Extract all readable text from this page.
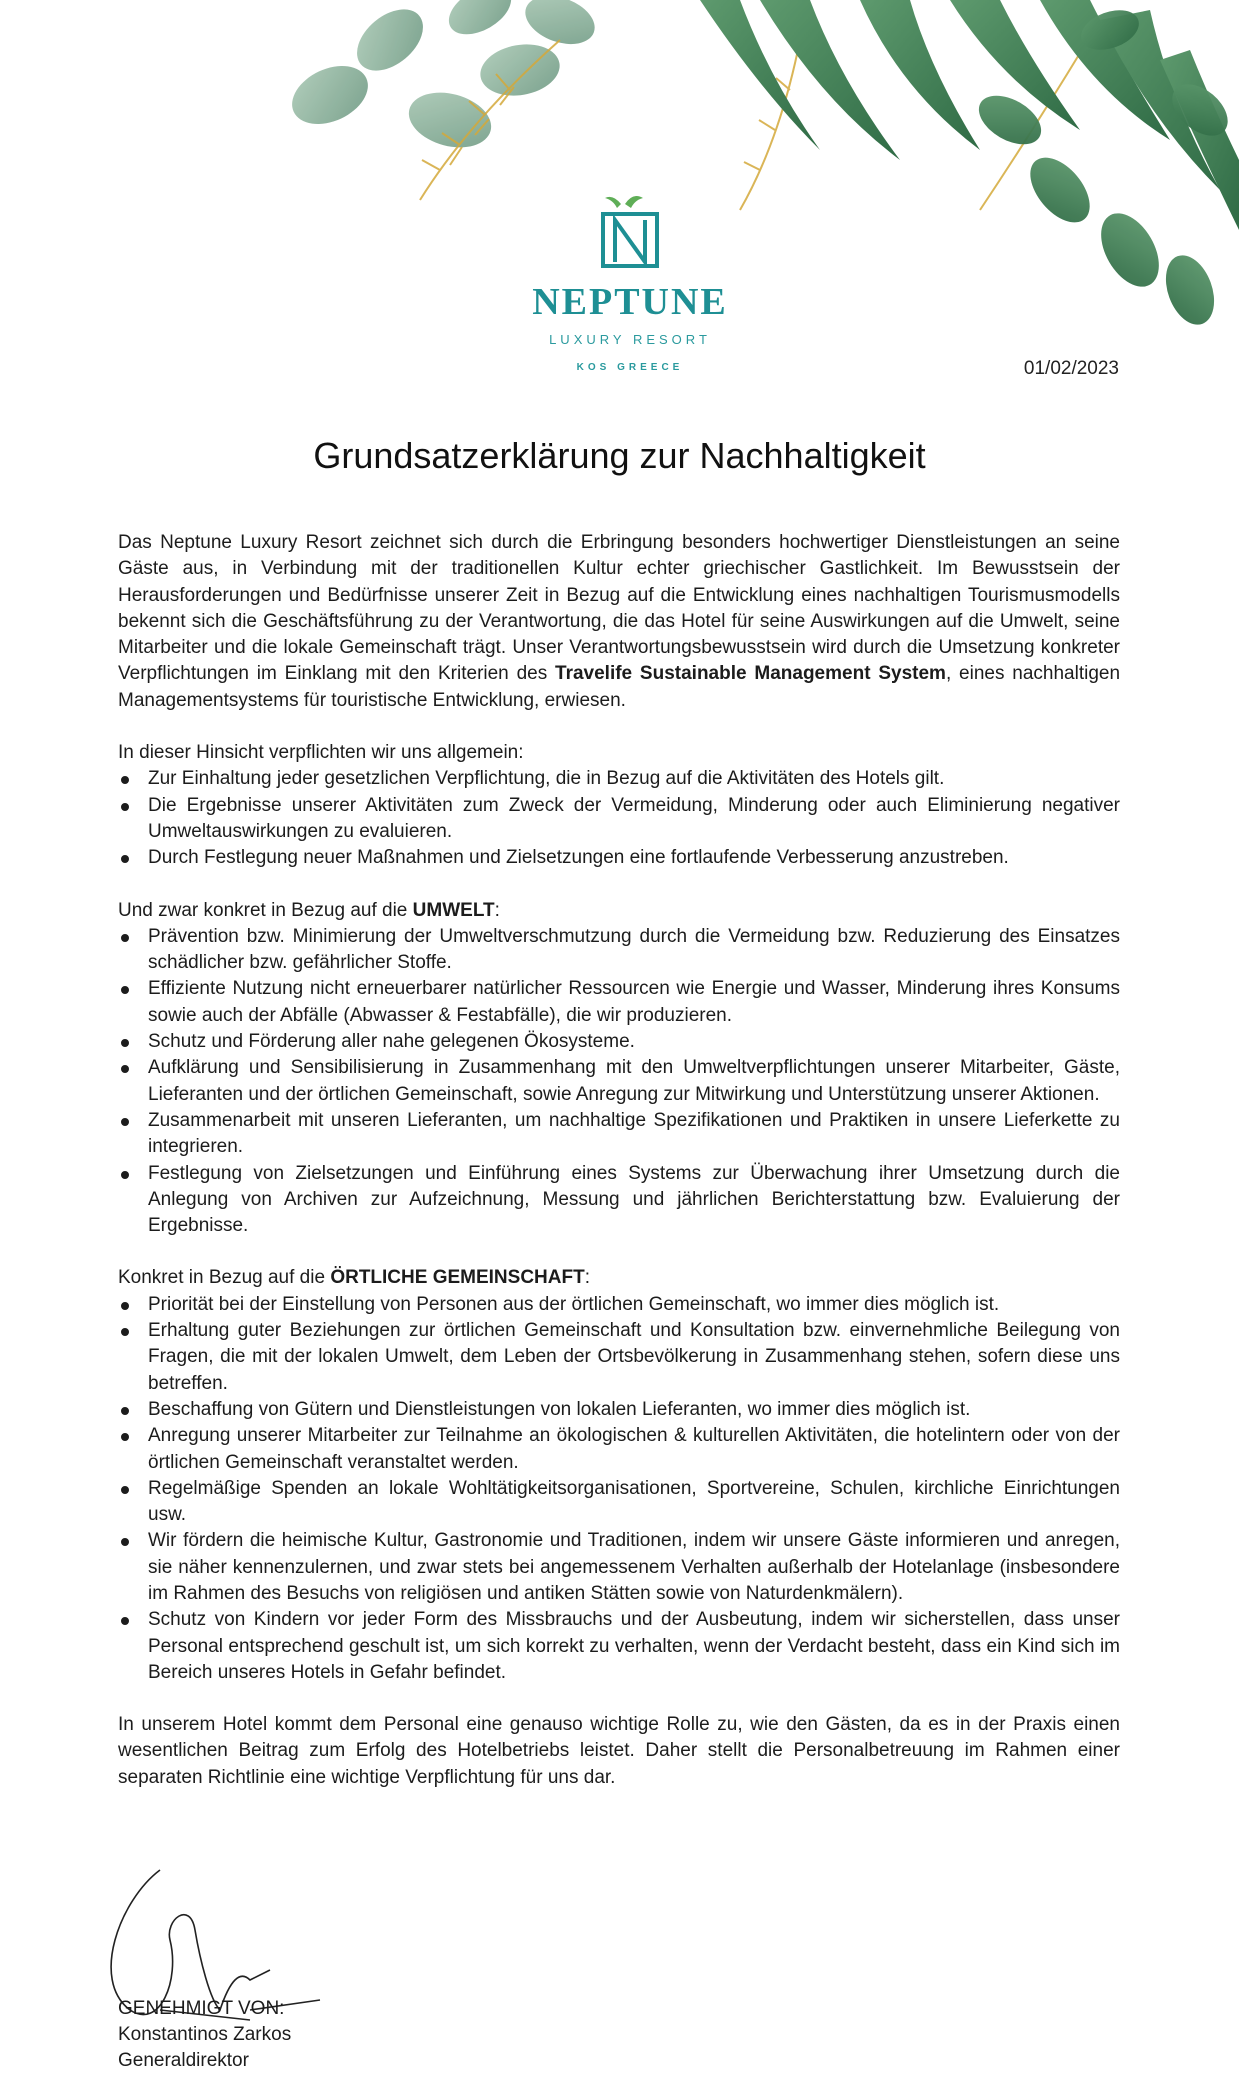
NEPTUNE
LUXURY RESORT
KOS GREECE	01/02/2023
Grundsatzerklärung zur Nachhaltigkeit

Das Neptune Luxury Resort zeichnet sich durch die Erbringung besonders hochwertiger Dienstleistungen an seine Gäste aus, in Verbindung mit der traditionellen Kultur echter griechischer Gastlichkeit. Im Bewusstsein der Herausforderungen und Bedürfnisse unserer Zeit in Bezug auf die Entwicklung eines nachhaltigen Tourismusmodells bekennt sich die Geschäftsführung zu der Verantwortung, die das Hotel für seine Auswirkungen auf die Umwelt, seine Mitarbeiter und die lokale Gemeinschaft trägt. Unser Verantwortungsbewusstsein wird durch die Umsetzung konkreter Verpflichtungen im Einklang mit den Kriterien des Travelife Sustainable Management System, eines nachhaltigen Managementsystems für touristische Entwicklung, erwiesen.

In dieser Hinsicht verpflichten wir uns allgemein:

Zur Einhaltung jeder gesetzlichen Verpflichtung, die in Bezug auf die Aktivitäten des Hotels gilt.
Die Ergebnisse unserer Aktivitäten zum Zweck der Vermeidung, Minderung oder auch Eliminierung negativer Umweltauswirkungen zu evaluieren.
Durch Festlegung neuer Maßnahmen und Zielsetzungen eine fortlaufende Verbesserung anzustreben.

Und zwar konkret in Bezug auf die UMWELT:

Prävention bzw. Minimierung der Umweltverschmutzung durch die Vermeidung bzw. Reduzierung des Einsatzes schädlicher bzw. gefährlicher Stoffe.
Effiziente Nutzung nicht erneuerbarer natürlicher Ressourcen wie Energie und Wasser, Minderung ihres Konsums sowie auch der Abfälle (Abwasser & Festabfälle), die wir produzieren.
Schutz und Förderung aller nahe gelegenen Ökosysteme.
Aufklärung und Sensibilisierung in Zusammenhang mit den Umweltverpflichtungen unserer Mitarbeiter, Gäste, Lieferanten und der örtlichen Gemeinschaft, sowie Anregung zur Mitwirkung und Unterstützung unserer Aktionen.
Zusammenarbeit mit unseren Lieferanten, um nachhaltige Spezifikationen und Praktiken in unsere Lieferkette zu integrieren.
Festlegung von Zielsetzungen und Einführung eines Systems zur Überwachung ihrer Umsetzung durch die Anlegung von Archiven zur Aufzeichnung, Messung und jährlichen Berichterstattung bzw. Evaluierung der Ergebnisse.

Konkret in Bezug auf die ÖRTLICHE GEMEINSCHAFT:

Priorität bei der Einstellung von Personen aus der örtlichen Gemeinschaft, wo immer dies möglich ist.
Erhaltung guter Beziehungen zur örtlichen Gemeinschaft und Konsultation bzw. einvernehmliche Beilegung von Fragen, die mit der lokalen Umwelt, dem Leben der Ortsbevölkerung in Zusammenhang stehen, sofern diese uns betreffen.
Beschaffung von Gütern und Dienstleistungen von lokalen Lieferanten, wo immer dies möglich ist.
Anregung unserer Mitarbeiter zur Teilnahme an ökologischen & kulturellen Aktivitäten, die hotelintern oder von der örtlichen Gemeinschaft veranstaltet werden.
Regelmäßige Spenden an lokale Wohltätigkeitsorganisationen, Sportvereine, Schulen, kirchliche Einrichtungen usw.
Wir fördern die heimische Kultur, Gastronomie und Traditionen, indem wir unsere Gäste informieren und anregen, sie näher kennenzulernen, und zwar stets bei angemessenem Verhalten außerhalb der Hotelanlage (insbesondere im Rahmen des Besuchs von religiösen und antiken Stätten sowie von Naturdenkmälern).
Schutz von Kindern vor jeder Form des Missbrauchs und der Ausbeutung, indem wir sicherstellen, dass unser Personal entsprechend geschult ist, um sich korrekt zu verhalten, wenn der Verdacht besteht, dass ein Kind sich im Bereich unseres Hotels in Gefahr befindet.

In unserem Hotel kommt dem Personal eine genauso wichtige Rolle zu, wie den Gästen, da es in der Praxis einen wesentlichen Beitrag zum Erfolg des Hotelbetriebs leistet. Daher stellt die Personalbetreuung im Rahmen einer separaten Richtlinie eine wichtige Verpflichtung für uns dar.

GENEHMIGT VON:
Konstantinos Zarkos
Generaldirektor
